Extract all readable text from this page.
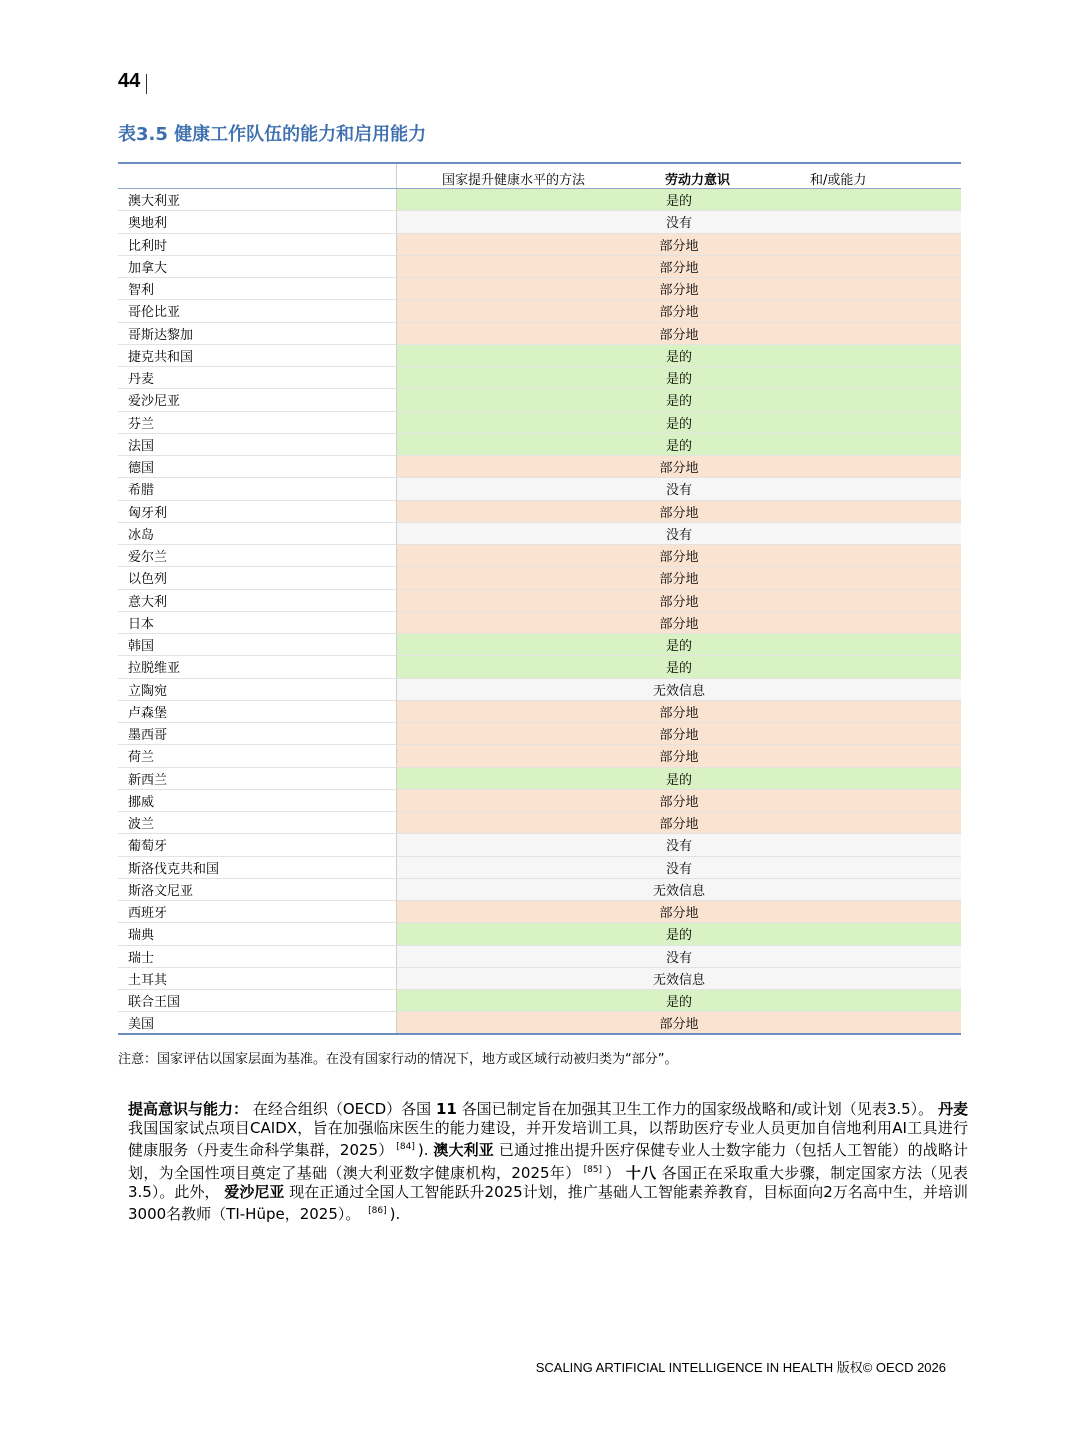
44
表3.5 健康工作队伍的能力和启用能力

	国家提升健康水平的方法 劳动力意识 和/或能力

澳大利亚	是的
奥地利	没有
比利时	部分地
加拿大	部分地
智利	部分地
哥伦比亚	部分地
哥斯达黎加	部分地
捷克共和国	是的
丹麦	是的
爱沙尼亚	是的
芬兰	是的
法国	是的
德国	部分地
希腊	没有
匈牙利	部分地
冰岛	没有
爱尔兰	部分地
以色列	部分地
意大利	部分地
日本	部分地
韩国	是的
拉脱维亚	是的
立陶宛	无效信息
卢森堡	部分地
墨西哥	部分地
荷兰	部分地
新西兰	是的
挪威	部分地
波兰	部分地
葡萄牙	没有
斯洛伐克共和国	没有
斯洛文尼亚	无效信息
西班牙	部分地
瑞典	是的
瑞士	没有
土耳其	无效信息
联合王国	是的
美国	部分地
注意：国家评估以国家层面为基准。在没有国家行动的情况下，地方或区域行动被归类为“部分”。
提高意识与能力： 在经合组织（OECD）各国 11 各国已制定旨在加强其卫生工作力的国家级战略和/或计划（见表3.5）。 丹麦 我国国家试点项目CAIDX，旨在加强临床医生的能力建设，并开发培训工具，以帮助医疗专业人员更加自信地利用AI工具进行健康服务（丹麦生命科学集群，2025） [84] ). 澳大利亚 已通过推出提升医疗保健专业人士数字能力（包括人工智能）的战略计划，为全国性项目奠定了基础（澳大利亚数字健康机构，2025年） [85] ） 十八 各国正在采取重大步骤，制定国家方法（见表3.5）。此外， 爱沙尼亚 现在正通过全国人工智能跃升2025计划，推广基础人工智能素养教育，目标面向2万名高中生，并培训3000名教师（TI-Hüpe，2025）。 [86] ).
SCALING ARTIFICIAL INTELLIGENCE IN HEALTH 版权© OECD 2026
